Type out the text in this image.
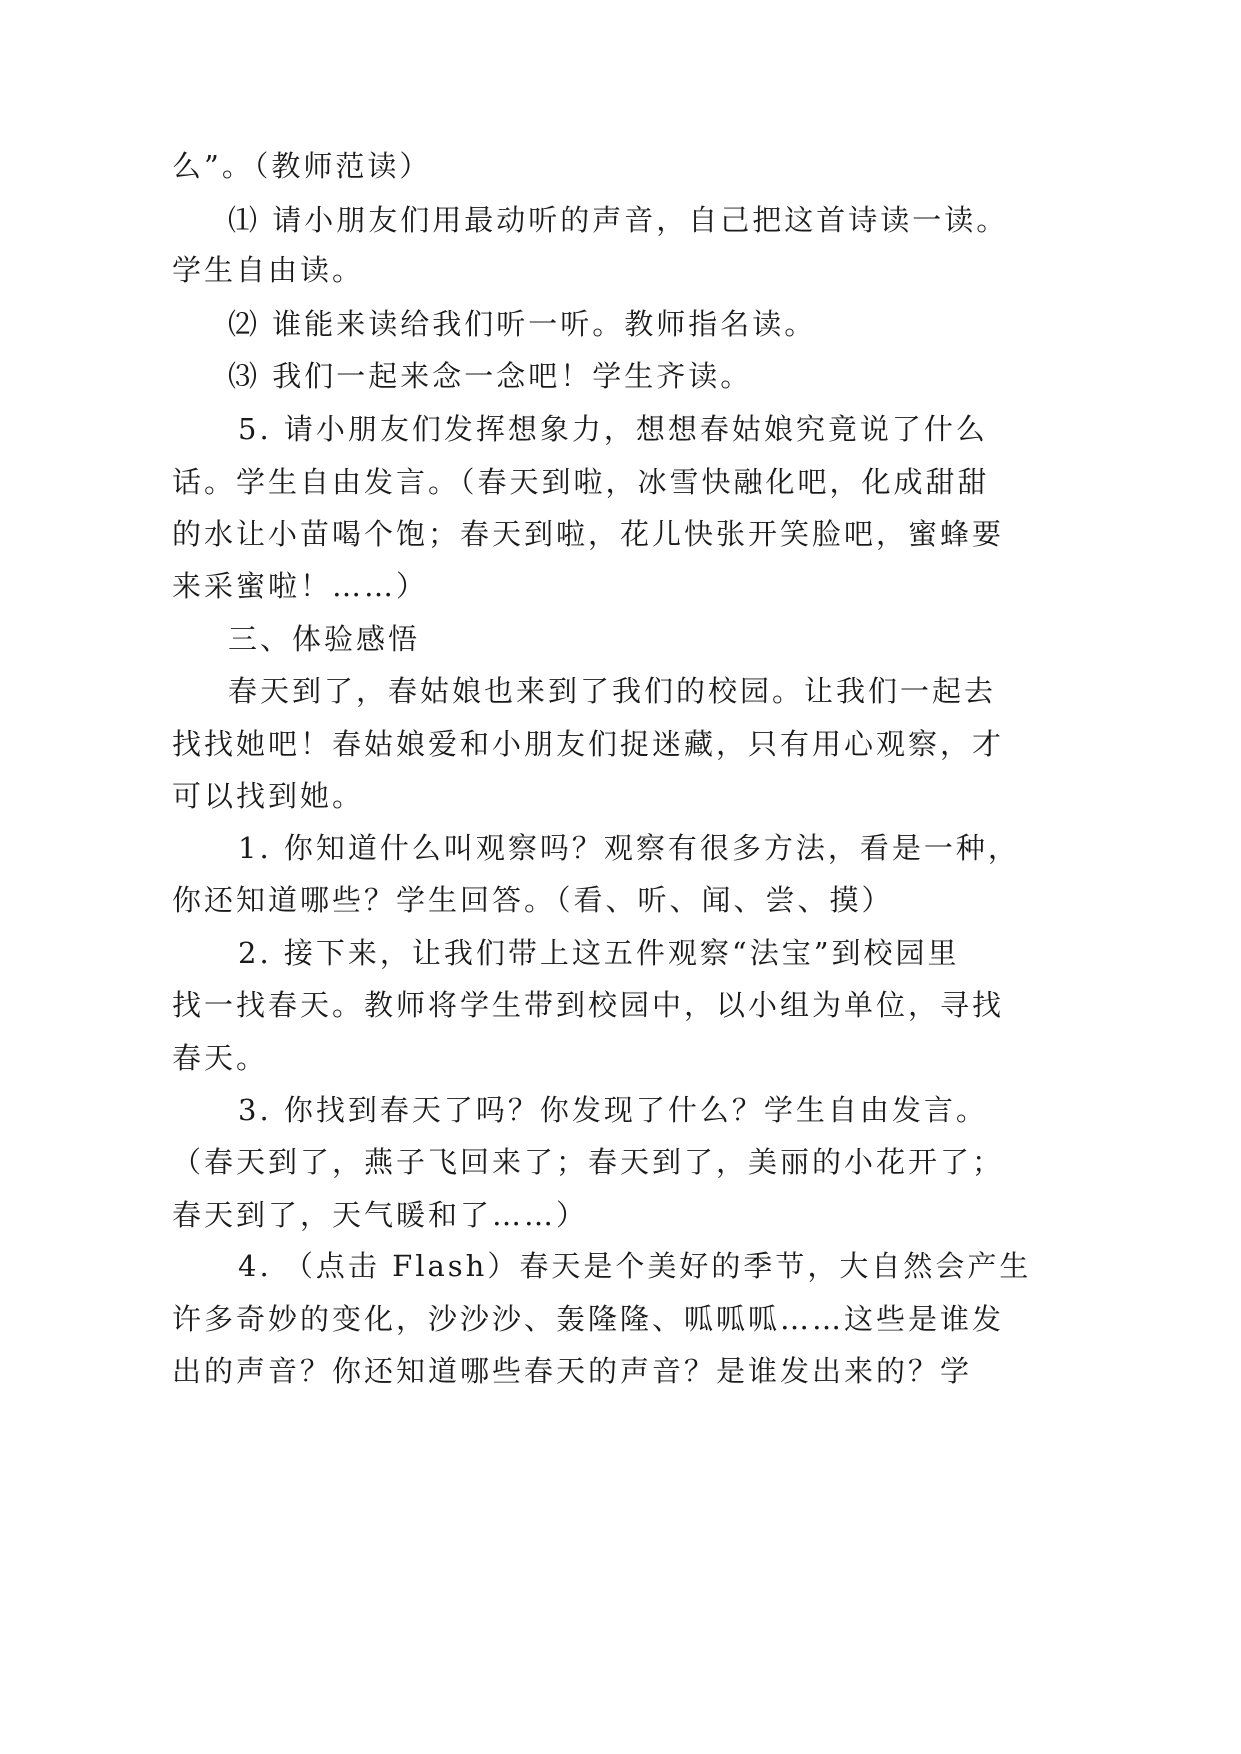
么”。（教师范读）
⑴ 请小朋友们用最动听的声音，自己把这首诗读一读。
学生自由读。
⑵ 谁能来读给我们听一听。教师指名读。
⑶ 我们一起来念一念吧！学生齐读。
5. 请小朋友们发挥想象力，想想春姑娘究竟说了什么
话。学生自由发言。（春天到啦，冰雪快融化吧，化成甜甜
的水让小苗喝个饱；春天到啦，花儿快张开笑脸吧，蜜蜂要
来采蜜啦！……）
三、体验感悟
春天到了，春姑娘也来到了我们的校园。让我们一起去
找找她吧！春姑娘爱和小朋友们捉迷藏，只有用心观察，才
可以找到她。
1. 你知道什么叫观察吗？观察有很多方法，看是一种，
你还知道哪些？学生回答。（看、听、闻、尝、摸）
2. 接下来，让我们带上这五件观察“法宝”到校园里
找一找春天。教师将学生带到校园中，以小组为单位，寻找
春天。
3. 你找到春天了吗？你发现了什么？学生自由发言。
（春天到了，燕子飞回来了；春天到了，美丽的小花开了；
春天到了，天气暖和了……）
4. （点击 Flash）春天是个美好的季节，大自然会产生
许多奇妙的变化，沙沙沙、轰隆隆、呱呱呱……这些是谁发
出的声音？你还知道哪些春天的声音？是谁发出来的？学
